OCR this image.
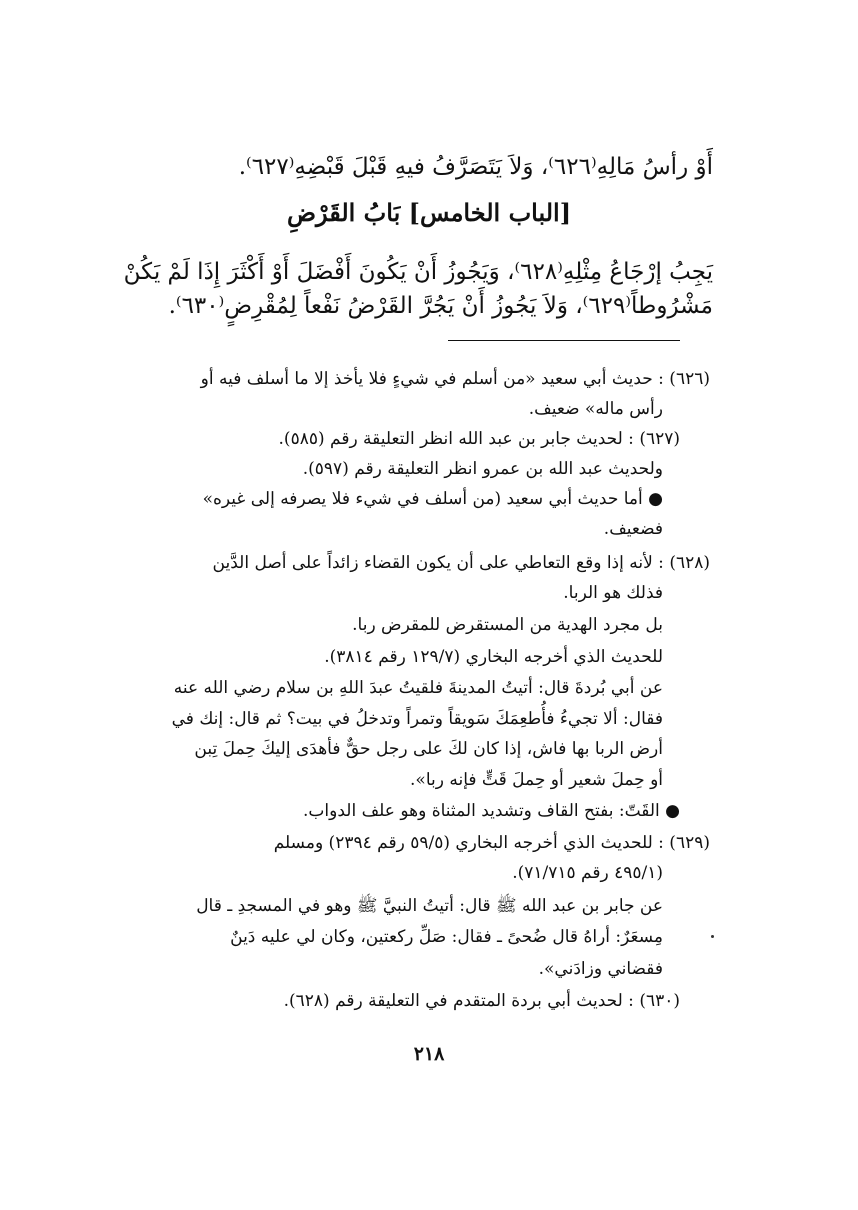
أَوْ رأسُ مَالِهِ⁽٦٢٦⁾، وَلاَ يَتَصَرَّفُ فيهِ قَبْلَ قَبْضِهِ⁽٦٢٧⁾.
[الباب الخامس] بَابُ القَرْضِ
يَجِبُ إرْجَاعُ مِثْلِهِ⁽٦٢٨⁾، وَيَجُوزُ أَنْ يَكُونَ أَفْضَلَ أَوْ أَكْثَرَ إِذَا لَمْ يَكُنْ
مَشْرُوطاً⁽٦٢٩⁾، وَلاَ يَجُوزُ أَنْ يَجُرَّ القَرْضُ نَفْعاً لِمُقْرِضٍ⁽٦٣٠⁾.
(٦٢٦) : حديث أبي سعيد «من أسلم في شيءٍ فلا يأخذ إلا ما أسلف فيه أو
رأس ماله» ضعيف.
(٦٢٧) : لحديث جابر بن عبد الله انظر التعليقة رقم (٥٨٥).
ولحديث عبد الله بن عمرو انظر التعليقة رقم (٥٩٧).
● أما حديث أبي سعيد (من أسلف في شيء فلا يصرفه إلى غيره»
فضعيف.
(٦٢٨) : لأنه إذا وقع التعاطي على أن يكون القضاء زائداً على أصل الدَّين
فذلك هو الربا.
بل مجرد الهدية من المستقرض للمقرض ربا.
للحديث الذي أخرجه البخاري (١٢٩/٧ رقم ٣٨١٤).
عن أبي بُردةَ قال: أتيتُ المدينةَ فلقيتُ عبدَ اللهِ بن سلام رضي الله عنه
فقال: ألا تجيءُ فأُطعِمَكَ سَويقاً وتمراً وتدخلُ في بيت؟ ثم قال: إنك في
أرض الربا بها فاش، إذا كان لكَ على رجل حقٌّ فأهدَى إليكَ حِملَ تِبن
أو حِملَ شعير أو حِملَ قَتٍّ فإنه ربا».
● القَتّ: بفتح القاف وتشديد المثناة وهو علف الدواب.
(٦٢٩) : للحديث الذي أخرجه البخاري (٥٩/٥ رقم ٢٣٩٤) ومسلم
(٤٩٥/١ رقم ٧١/٧١٥).
عن جابر بن عبد الله ﷺ قال: أتيتُ النبيَّ ﷺ وهو في المسجدِ ـ قال
مِسعَرٌ: أراهُ قال ضُحىً ـ فقال: صَلِّ ركعتين، وكان لي عليه دَينٌ
فقضاني وزادَني».
(٦٣٠) : لحديث أبي بردة المتقدم في التعليقة رقم (٦٢٨).
٢١٨
